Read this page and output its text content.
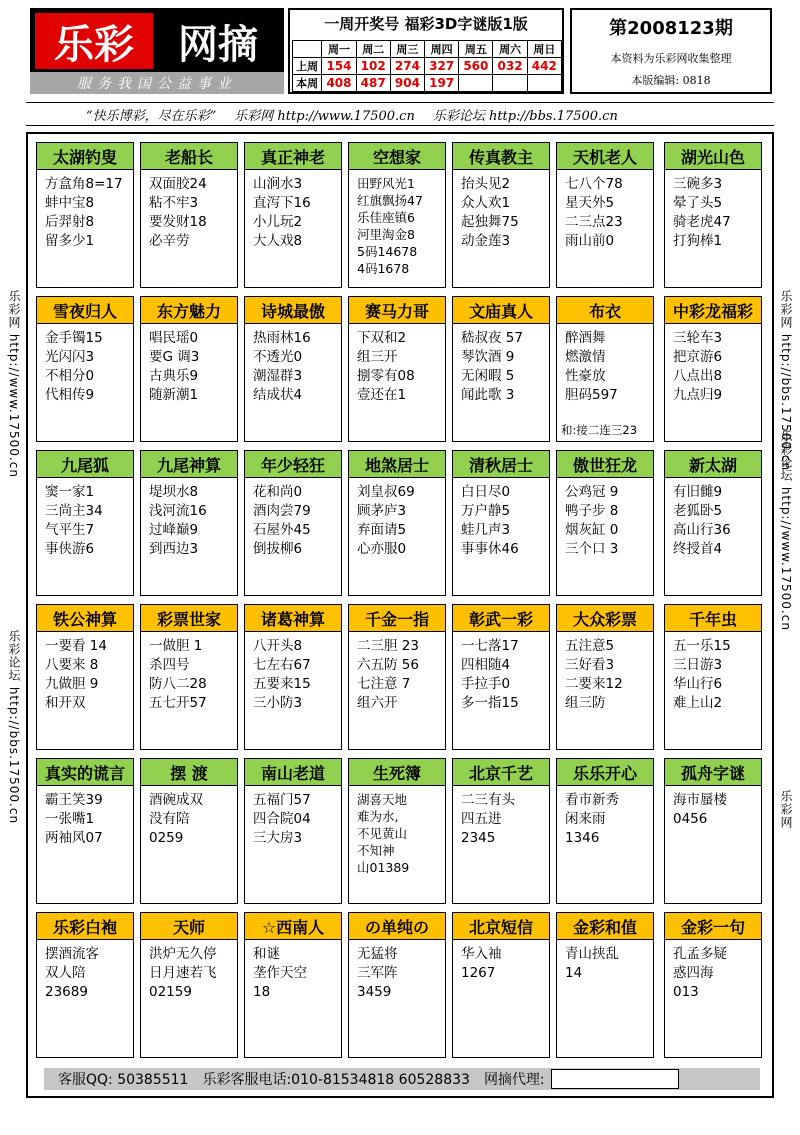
乐彩	网摘
服务我国公益事业
一周开奖号 福彩3D字谜版1版
	周一	周二	周三	周四	周五	周六	周日
上周	154	102	274	327	560	032	442
本周	408	487	904	197			
第2008123期
本资料为乐彩网收集整理
本版编辑: 0818
“快乐博彩，尽在乐彩” 乐彩网 http://www.17500.cn 乐彩论坛 http://bbs.17500.cn
乐彩网 http://www.17500.cn
乐彩论坛 http://bbs.17500.cn
乐彩网 http://bbs.17500.cn
乐彩论坛 http://www.17500.cn
乐彩网
太湖钓叟
方盒角8=17
蚌中宝8
后羿射8
留多少1
老船长
双面胶24
粘不牢3
要发财18
必辛劳
真正神老
山涧水3
直泻下16
小儿玩2
大人戏8
空想家
田野风光1
红旗飘扬47
乐佳座镇6
河里淘金8
5码14678
4码1678
传真教主
抬头见2
众人欢1
起独舞75
动金莲3
天机老人
七八个78
星天外5
二三点23
雨山前0
湖光山色
三碗多3
晕了头5
骑老虎47
打狗棒1
雪夜归人
金手镯15
光闪闪3
不相分0
代相传9
东方魅力
唱民瑶0
要G 调3
古典乐9
随新潮1
诗城最傲
热雨林16
不透光0
潮湿群3
结成状4
赛马力哥
下双和2
组三开
捌零有08
壹还在1
文庙真人
嵇叔夜 57
琴饮酒 9
无闲暇 5
闻此歌 3
布衣
醉酒舞
燃激情
性豪放
胆码597
和:接二连三23
中彩龙福彩
三轮车3
把京游6
八点出8
九点归9
九尾狐
窦一家1
三尚主34
气平生7
事侠游6
九尾神算
堤坝水8
浅河流16
过峰巅9
到西边3
年少轻狂
花和尚0
酒肉尝79
石屋外45
倒拔柳6
地煞居士
刘皇叔69
顾茅庐3
弃面请5
心亦服0
清秋居士
白日尽0
万户静5
蛙几声3
事事休46
傲世狂龙
公鸡冠 9
鸭子步 8
烟灰缸 0
三个口 3
新太湖
有旧雠9
老狐卧5
高山行36
终授首4
铁公神算
一要看 14
八要来 8
九做胆 9
和开双
彩票世家
一做胆 1
杀四号
防八二28
五七开57
诸葛神算
八开头8
七左右67
五要来15
三小防3
千金一指
二三胆 23
六五防 56
七注意 7
组六开
彰武一彩
一七落17
四相随4
手拉手0
多一指15
大众彩票
五注意5
三好看3
二要来12
组三防
千年虫
五一乐15
三日游3
华山行6
难上山2
真实的谎言
霸王笑39
一张嘴1
两袖风07
摆 渡
酒碗成双
没有陪
0259
南山老道
五福门57
四合院04
三大房3
生死簿
湖喜天地
难为水,
不见黄山
不知神
山01389
北京千艺
二三有头
四五进
2345
乐乐开心
看市新秀
闲来雨
1346
孤舟字谜
海市蜃楼
0456
乐彩白袍
摆酒流客
双人陪
23689
天师
洪炉无久停
日月速若飞
02159
☆西南人
和谜
垄作天空
18
の单纯の
无猛将
三军阵
3459
北京短信
华入袖
1267
金彩和值
青山挟乱
14
金彩一句
孔孟多疑
惑四海
013
客服QQ: 50385511 乐彩客服电话:010-81534818 60528833 网摘代理:
